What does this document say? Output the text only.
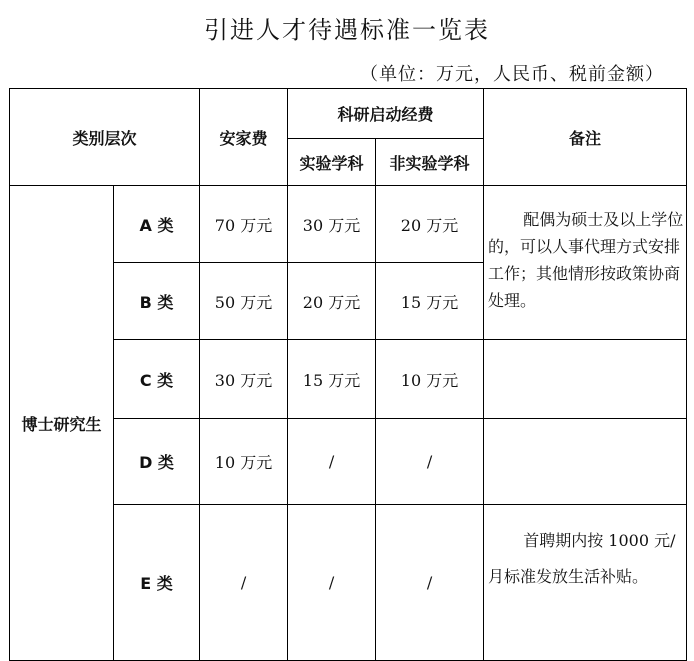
引进人才待遇标准一览表
（单位：万元，人民币、税前金额）
类别层次		安家费	科研启动经费		备注
			实验学科	非实验学科	
博士研究生	A 类	70 万元	30 万元	20 万元	配偶为硕士及以上学位的，可以人事代理方式安排工作；其他情形按政策协商处理。

	B 类	50 万元	20 万元	15 万元	
	C 类	30 万元	15 万元	10 万元	
	D 类	10 万元	/	/	
	E 类	/	/	/	首聘期内按 1000 元/月标准发放生活补贴。
